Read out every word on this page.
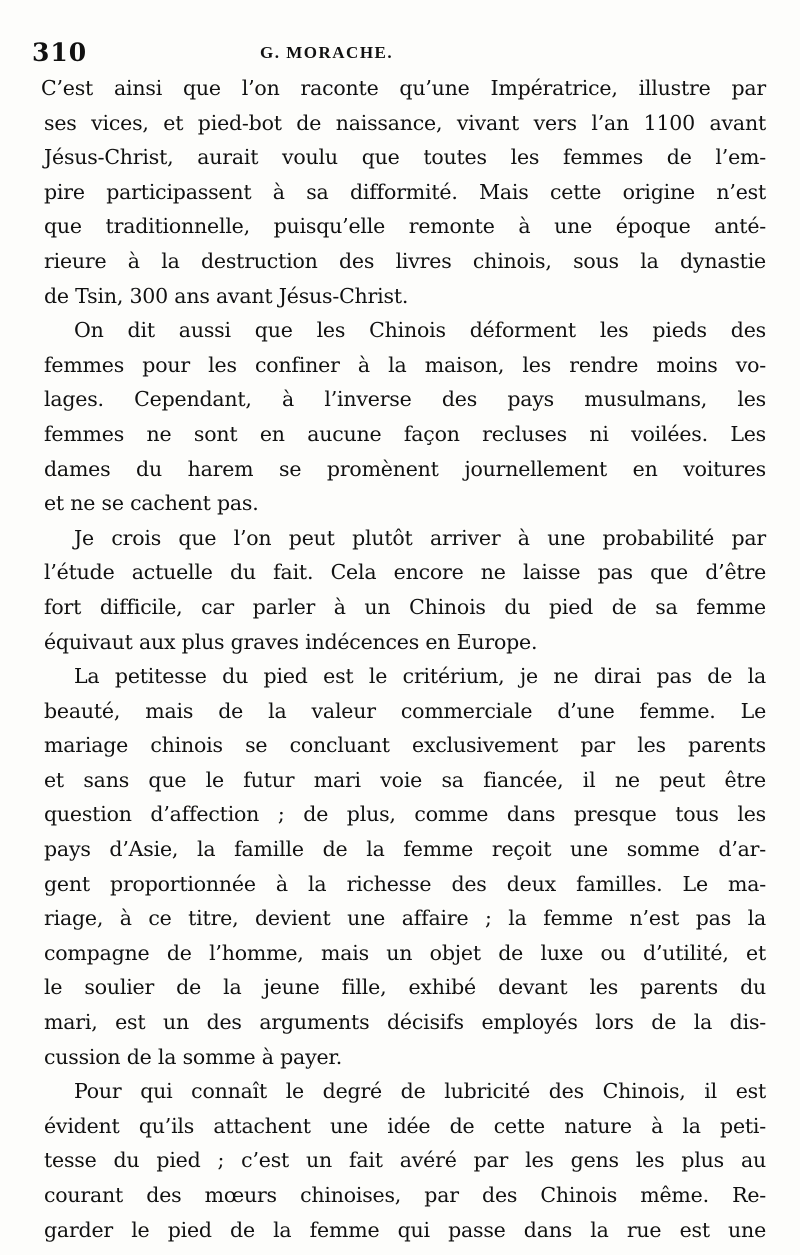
310	G. MORACHE.
C’est ainsi que l’on raconte qu’une Impératrice, illustre par
ses vices, et pied-bot de naissance, vivant vers l’an 1100 avant
Jésus-Christ, aurait voulu que toutes les femmes de l’em-
pire participassent à sa difformité. Mais cette origine n’est
que traditionnelle, puisqu’elle remonte à une époque anté-
rieure à la destruction des livres chinois, sous la dynastie
de Tsin, 300 ans avant Jésus-Christ.
On dit aussi que les Chinois déforment les pieds des
femmes pour les confiner à la maison, les rendre moins vo-
lages. Cependant, à l’inverse des pays musulmans, les
femmes ne sont en aucune façon recluses ni voilées. Les
dames du harem se promènent journellement en voitures
et ne se cachent pas.
Je crois que l’on peut plutôt arriver à une probabilité par
l’étude actuelle du fait. Cela encore ne laisse pas que d’être
fort difficile, car parler à un Chinois du pied de sa femme
équivaut aux plus graves indécences en Europe.
La petitesse du pied est le critérium, je ne dirai pas de la
beauté, mais de la valeur commerciale d’une femme. Le
mariage chinois se concluant exclusivement par les parents
et sans que le futur mari voie sa fiancée, il ne peut être
question d’affection ; de plus, comme dans presque tous les
pays d’Asie, la famille de la femme reçoit une somme d’ar-
gent proportionnée à la richesse des deux familles. Le ma-
riage, à ce titre, devient une affaire ; la femme n’est pas la
compagne de l’homme, mais un objet de luxe ou d’utilité, et
le soulier de la jeune fille, exhibé devant les parents du
mari, est un des arguments décisifs employés lors de la dis-
cussion de la somme à payer.
Pour qui connaît le degré de lubricité des Chinois, il est
évident qu’ils attachent une idée de cette nature à la peti-
tesse du pied ; c’est un fait avéré par les gens les plus au
courant des mœurs chinoises, par des Chinois même. Re-
garder le pied de la femme qui passe dans la rue est une
